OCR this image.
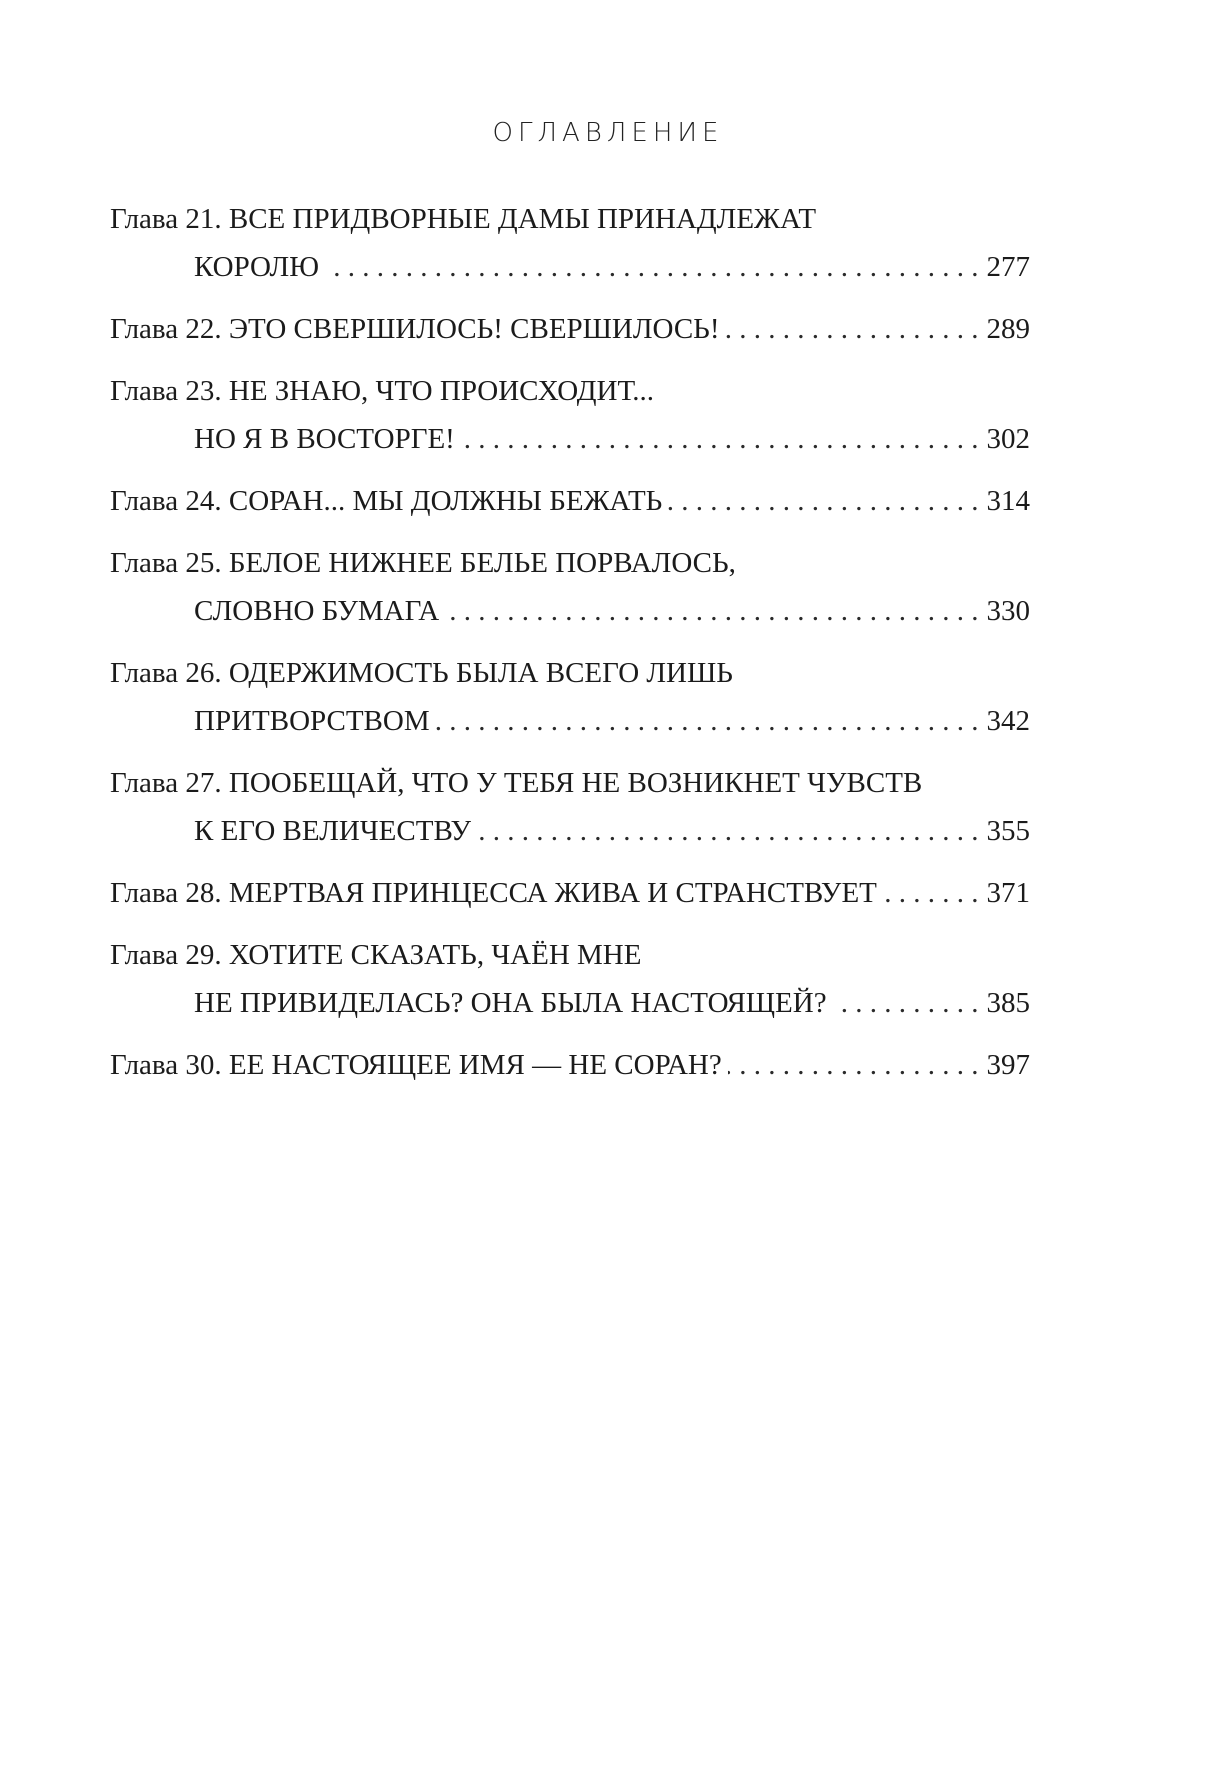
ОГЛАВЛЕНИЕ
Глава 21.
ВСЕ ПРИДВОРНЫЕ ДАМЫ ПРИНАДЛЕЖАТ
КОРОЛЮ . . .	277
Глава 22.
ЭТО СВЕРШИЛОСЬ! СВЕРШИЛОСЬ! . . .	289
Глава 23.
НЕ ЗНАЮ, ЧТО ПРОИСХОДИТ...
НО Я В ВОСТОРГЕ! . . .	302
Глава 24.
СОРАН... МЫ ДОЛЖНЫ БЕЖАТЬ . . .	314
Глава 25.
БЕЛОЕ НИЖНЕЕ БЕЛЬЕ ПОРВАЛОСЬ,
СЛОВНО БУМАГА . . .	330
Глава 26.
ОДЕРЖИМОСТЬ БЫЛА ВСЕГО ЛИШЬ
ПРИТВОРСТВОМ . . .	342
Глава 27.
ПООБЕЩАЙ, ЧТО У ТЕБЯ НЕ ВОЗНИКНЕТ ЧУВСТВ
К ЕГО ВЕЛИЧЕСТВУ . . .	355
Глава 28.
МЕРТВАЯ ПРИНЦЕССА ЖИВА И СТРАНСТВУЕТ . . .	371
Глава 29.
ХОТИТЕ СКАЗАТЬ, ЧАЁН МНЕ
НЕ ПРИВИДЕЛАСЬ? ОНА БЫЛА НАСТОЯЩЕЙ? . . .	385
Глава 30.
ЕЕ НАСТОЯЩЕЕ ИМЯ — НЕ СОРАН? . . .	397
